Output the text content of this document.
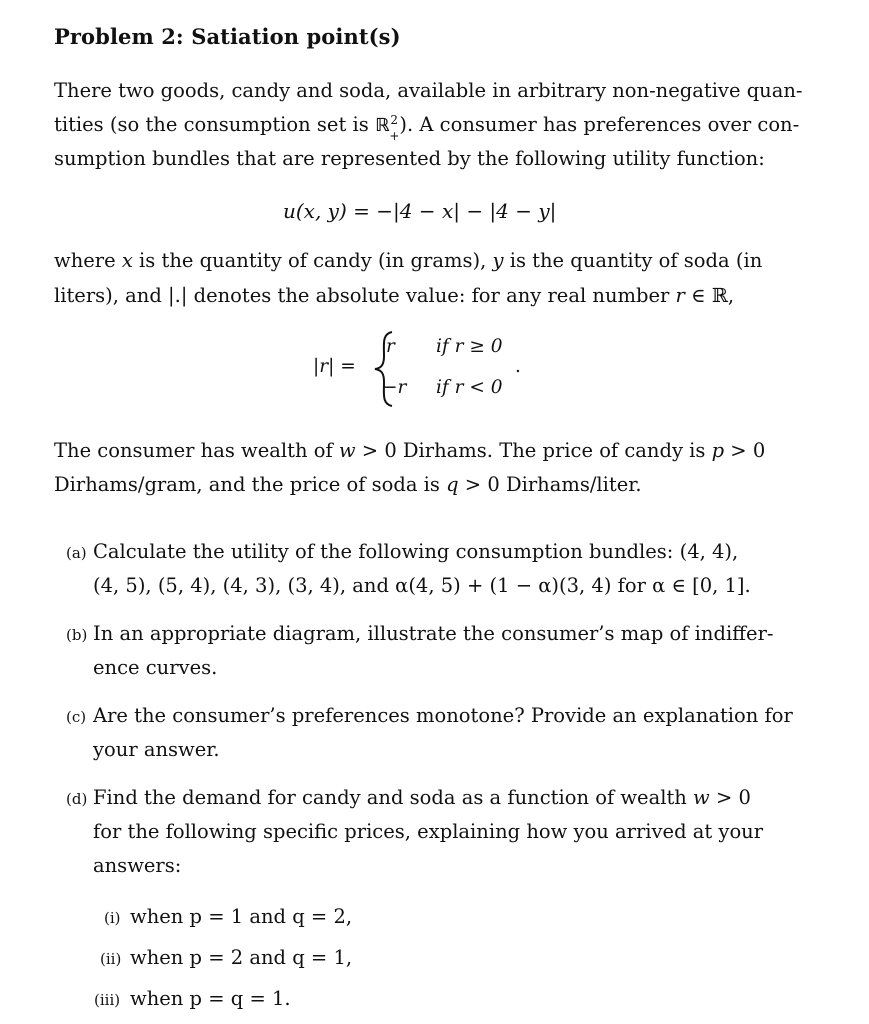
Problem 2: Satiation point(s)
There two goods, candy and soda, available in arbitrary non-negative quan-
tities (so the consumption set is ℝ 2
+ ). A consumer has preferences over con-
sumption bundles that are represented by the following utility function:
u(x, y) = −|4 − x| − |4 − y|
where x is the quantity of candy (in grams), y is the quantity of soda (in
liters), and |.| denotes the absolute value: for any real number r ∈ ℝ,
|r| =
r if r ≥ 0
−r if r < 0
.
The consumer has wealth of w > 0 Dirhams. The price of candy is p > 0
Dirhams/gram, and the price of soda is q > 0 Dirhams/liter.
(a) Calculate the utility of the following consumption bundles: (4, 4),
(4, 5), (5, 4), (4, 3), (3, 4), and α(4, 5) + (1 − α)(3, 4) for α ∈ [0, 1].
(b) In an appropriate diagram, illustrate the consumer’s map of indiffer-
ence curves.
(c) Are the consumer’s preferences monotone? Provide an explanation for
your answer.
(d) Find the demand for candy and soda as a function of wealth w > 0
for the following specific prices, explaining how you arrived at your
answers:
(i) when p = 1 and q = 2,
(ii) when p = 2 and q = 1,
(iii) when p = q = 1.
